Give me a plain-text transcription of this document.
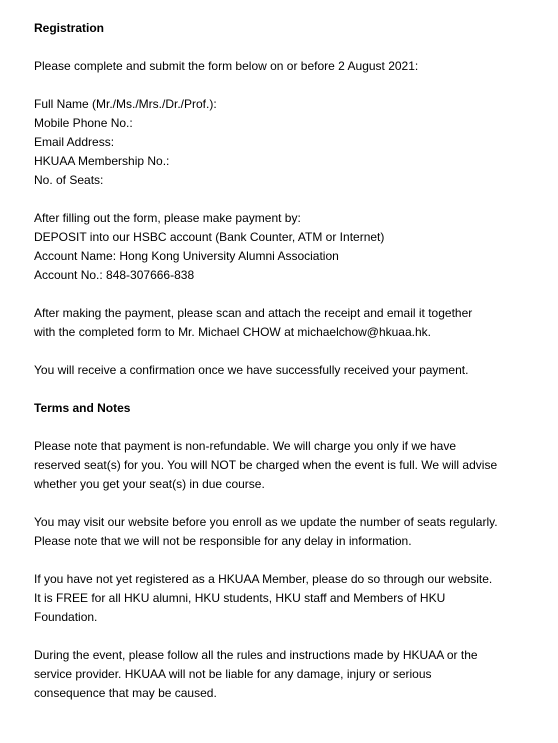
Registration

Please complete and submit the form below on or before 2 August 2021:

Full Name (Mr./Ms./Mrs./Dr./Prof.):
Mobile Phone No.:
Email Address:
HKUAA Membership No.:
No. of Seats:
After filling out the form, please make payment by:
DEPOSIT into our HSBC account (Bank Counter, ATM or Internet)
Account Name: Hong Kong University Alumni Association
Account No.: 848-307666-838
After making the payment, please scan and attach the receipt and email it together
with the completed form to Mr. Michael CHOW at michaelchow@hkuaa.hk.

You will receive a confirmation once we have successfully received your payment.

Terms and Notes

Please note that payment is non-refundable. We will charge you only if we have
reserved seat(s) for you. You will NOT be charged when the event is full. We will advise
whether you get your seat(s) in due course.
You may visit our website before you enroll as we update the number of seats regularly.
Please note that we will not be responsible for any delay in information.
If you have not yet registered as a HKUAA Member, please do so through our website.
It is FREE for all HKU alumni, HKU students, HKU staff and Members of HKU
Foundation.
During the event, please follow all the rules and instructions made by HKUAA or the
service provider. HKUAA will not be liable for any damage, injury or serious
consequence that may be caused.
